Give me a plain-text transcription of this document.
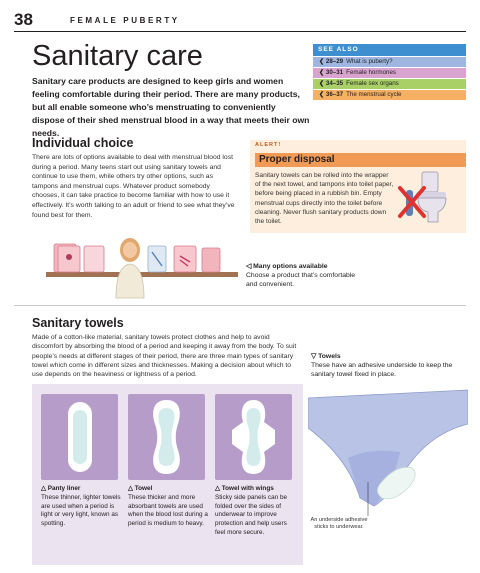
38	FEMALE PUBERTY
Sanitary care
Sanitary care products are designed to keep girls and women feeling comfortable during their period. There are many products, but all enable someone who’s menstruating to conveniently dispose of their shed menstrual blood in a way that meets their own needs.
SEE ALSO
❮ 28–29 What is puberty?
❮ 30–31 Female hormones
❮ 34–35 Female sex organs
❮ 36–37 The menstrual cycle
Individual choice
There are lots of options available to deal with menstrual blood lost during a period. Many teens start out using sanitary towels and continue to use them, while others try other options, such as tampons and menstrual cups. Whatever product somebody chooses, it can take practice to become familiar with how to use it effectively. It’s worth talking to an adult or friend to see what they’ve found best for them.
ALERT!
Proper disposal
Sanitary towels can be rolled into the wrapper of the next towel, and tampons into toilet paper, before being placed in a rubbish bin. Empty menstrual cups directly into the toilet before cleaning. Never flush sanitary products down the toilet.
◁ Many options available
Choose a product that’s comfortable and convenient.
Sanitary towels
Made of a cotton-like material, sanitary towels protect clothes and help to avoid discomfort by absorbing the blood of a period and keeping it away from the body. To suit people’s needs at different stages of their period, there are three main types of sanitary towel which come in different sizes and thicknesses. Making a decision about which to use depends on the heaviness or lightness of a period.
▽ Towels
These have an adhesive underside to keep the sanitary towel fixed in place.
△ Panty liner
These thinner, lighter towels are used when a period is light or very light, known as spotting.
△ Towel
These thicker and more absorbant towels are used when the blood lost during a period is medium to heavy.
△ Towel with wings
Sticky side panels can be folded over the sides of underwear to improve protection and help users feel more secure.
An underside adhesive sticks to underwear.
